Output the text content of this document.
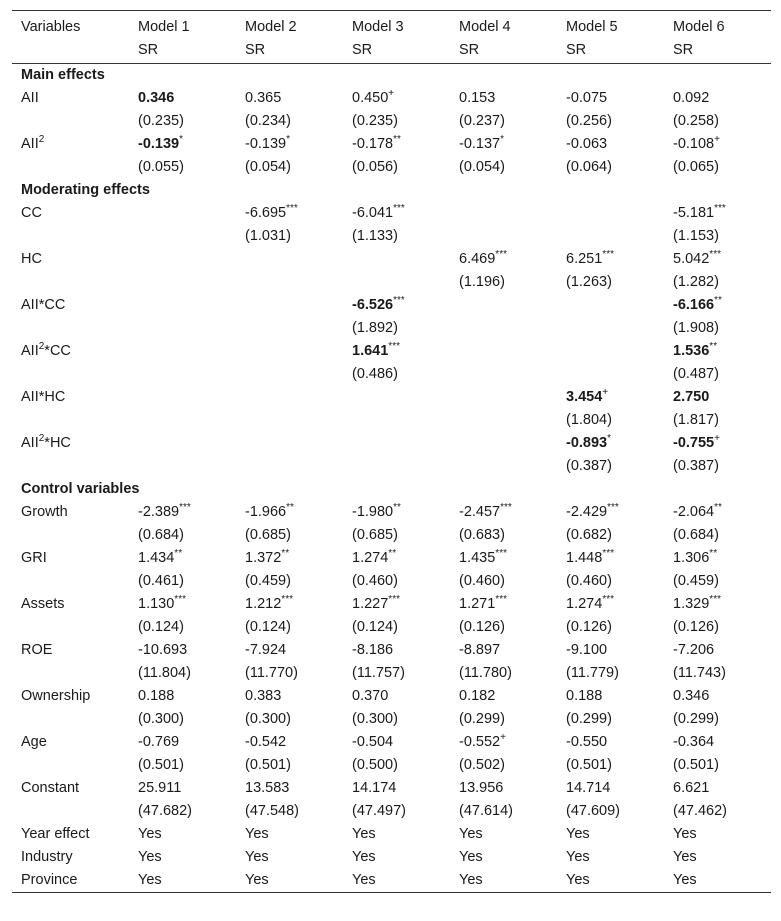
Variables	Model 1	Model 2	Model 3	Model 4	Model 5	Model 6
	SR	SR	SR	SR	SR	SR
Main effects						
AII	0.346	0.365	0.450+	0.153	-0.075	0.092
	(0.235)	(0.234)	(0.235)	(0.237)	(0.256)	(0.258)
AII$^2$	-0.139*	-0.139*	-0.178**	-0.137*	-0.063	-0.108+
	(0.055)	(0.054)	(0.056)	(0.054)	(0.064)	(0.065)
Moderating effects						
CC		-6.695***	-6.041***			-5.181***
		(1.031)	(1.133)			(1.153)
HC				6.469***	6.251***	5.042***
				(1.196)	(1.263)	(1.282)
AII*CC			-6.526***			-6.166**
			(1.892)			(1.908)
AII$^2$*CC			1.641***			1.536**
			(0.486)			(0.487)
AII*HC					3.454+	2.750
					(1.804)	(1.817)
AII$^2$*HC					-0.893*	-0.755+
					(0.387)	(0.387)
Control variables						
Growth	-2.389***	-1.966**	-1.980**	-2.457***	-2.429***	-2.064**
	(0.684)	(0.685)	(0.685)	(0.683)	(0.682)	(0.684)
GRI	1.434**	1.372**	1.274**	1.435***	1.448***	1.306**
	(0.461)	(0.459)	(0.460)	(0.460)	(0.460)	(0.459)
Assets	1.130***	1.212***	1.227***	1.271***	1.274***	1.329***
	(0.124)	(0.124)	(0.124)	(0.126)	(0.126)	(0.126)
ROE	-10.693	-7.924	-8.186	-8.897	-9.100	-7.206
	(11.804)	(11.770)	(11.757)	(11.780)	(11.779)	(11.743)
Ownership	0.188	0.383	0.370	0.182	0.188	0.346
	(0.300)	(0.300)	(0.300)	(0.299)	(0.299)	(0.299)
Age	-0.769	-0.542	-0.504	-0.552+	-0.550	-0.364
	(0.501)	(0.501)	(0.500)	(0.502)	(0.501)	(0.501)
Constant	25.911	13.583	14.174	13.956	14.714	6.621
	(47.682)	(47.548)	(47.497)	(47.614)	(47.609)	(47.462)
Year effect	Yes	Yes	Yes	Yes	Yes	Yes
Industry	Yes	Yes	Yes	Yes	Yes	Yes
Province	Yes	Yes	Yes	Yes	Yes	Yes
